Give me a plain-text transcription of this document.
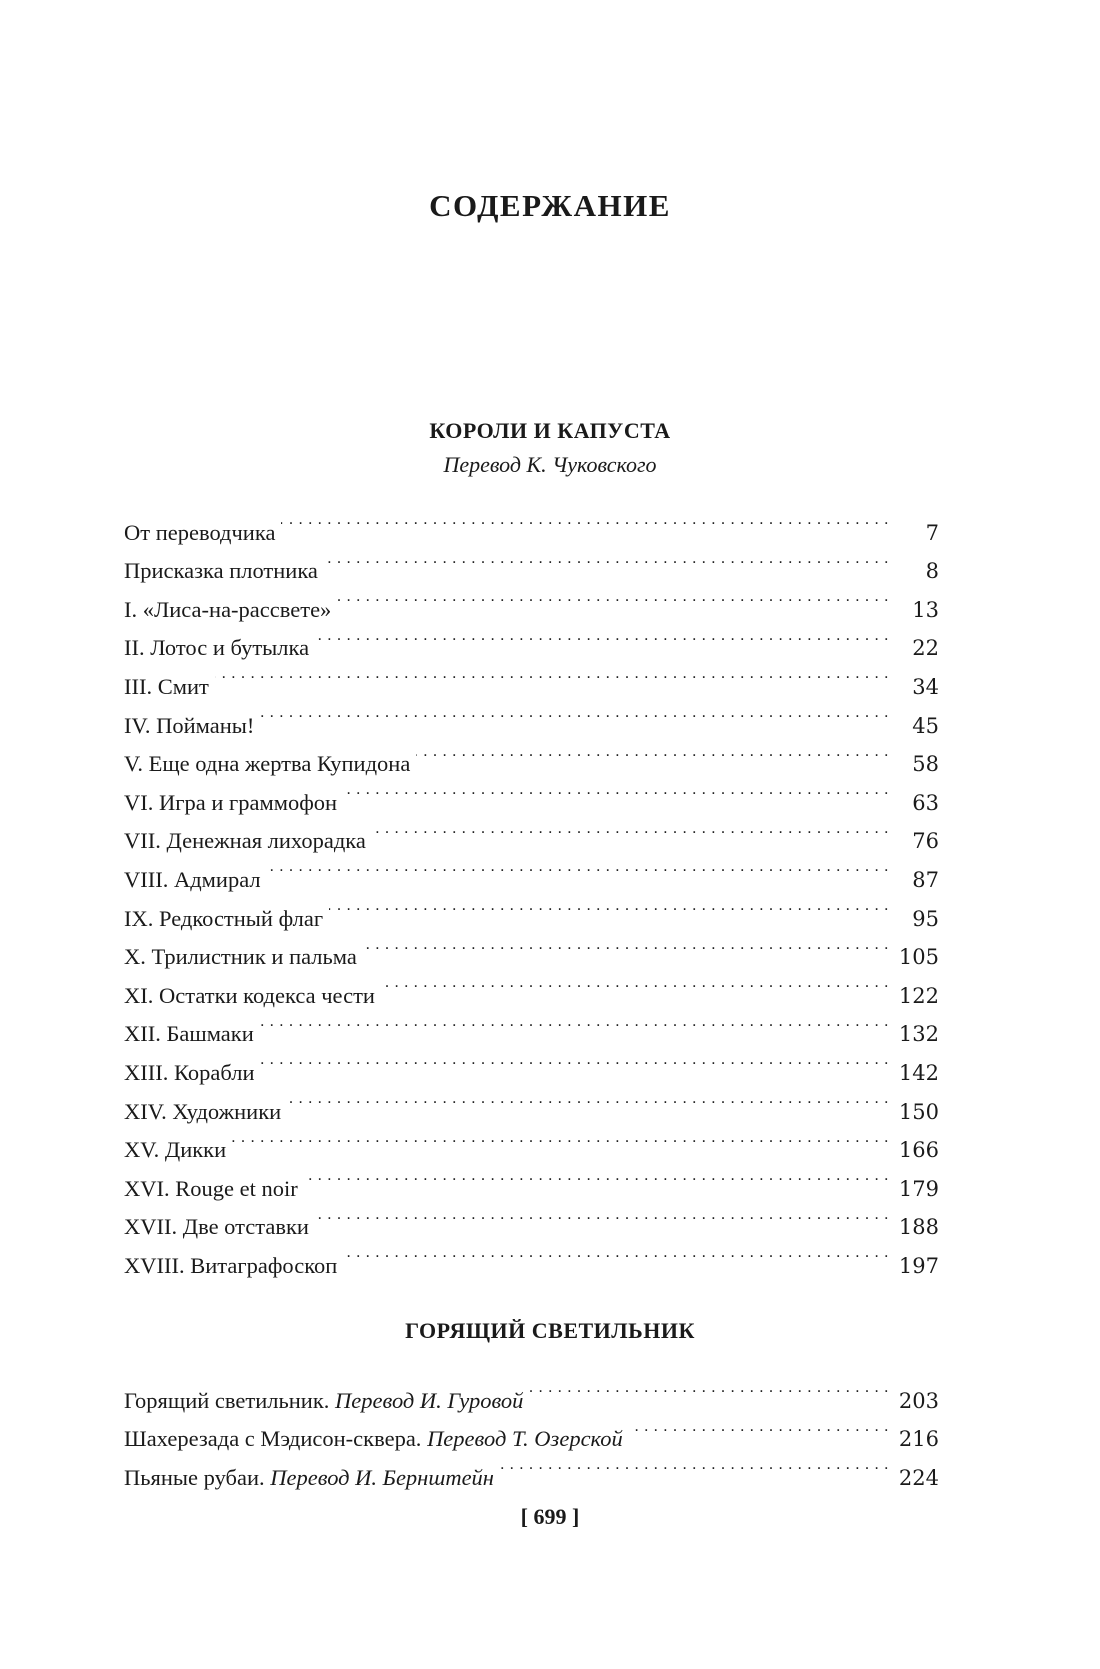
СОДЕРЖАНИЕ
КОРОЛИ И КАПУСТА
Перевод К. Чуковского
От переводчика . . .	7
Присказка плотника . . .	8
I. «Лиса-на-рассвете» . . .	13
II. Лотос и бутылка . . .	22
III. Смит . . .	34
IV. Пойманы! . . .	45
V. Еще одна жертва Купидона . . .	58
VI. Игра и граммофон . . .	63
VII. Денежная лихорадка . . .	76
VIII. Адмирал . . .	87
IX. Редкостный флаг . . .	95
X. Трилистник и пальма . . .	105
XI. Остатки кодекса чести . . .	122
XII. Башмаки . . .	132
XIII. Корабли . . .	142
XIV. Художники . . .	150
XV. Дикки . . .	166
XVI. Rouge et noir . . .	179
XVII. Две отставки . . .	188
XVIII. Витаграфоскоп . . .	197
ГОРЯЩИЙ СВЕТИЛЬНИК
Горящий светильник. Перевод И. Гуровой . . .	203
Шахерезада с Мэдисон-сквера. Перевод Т. Озерской . . .	216
Пьяные рубаи. Перевод И. Бернштейн . . .	224
[ 699 ]
